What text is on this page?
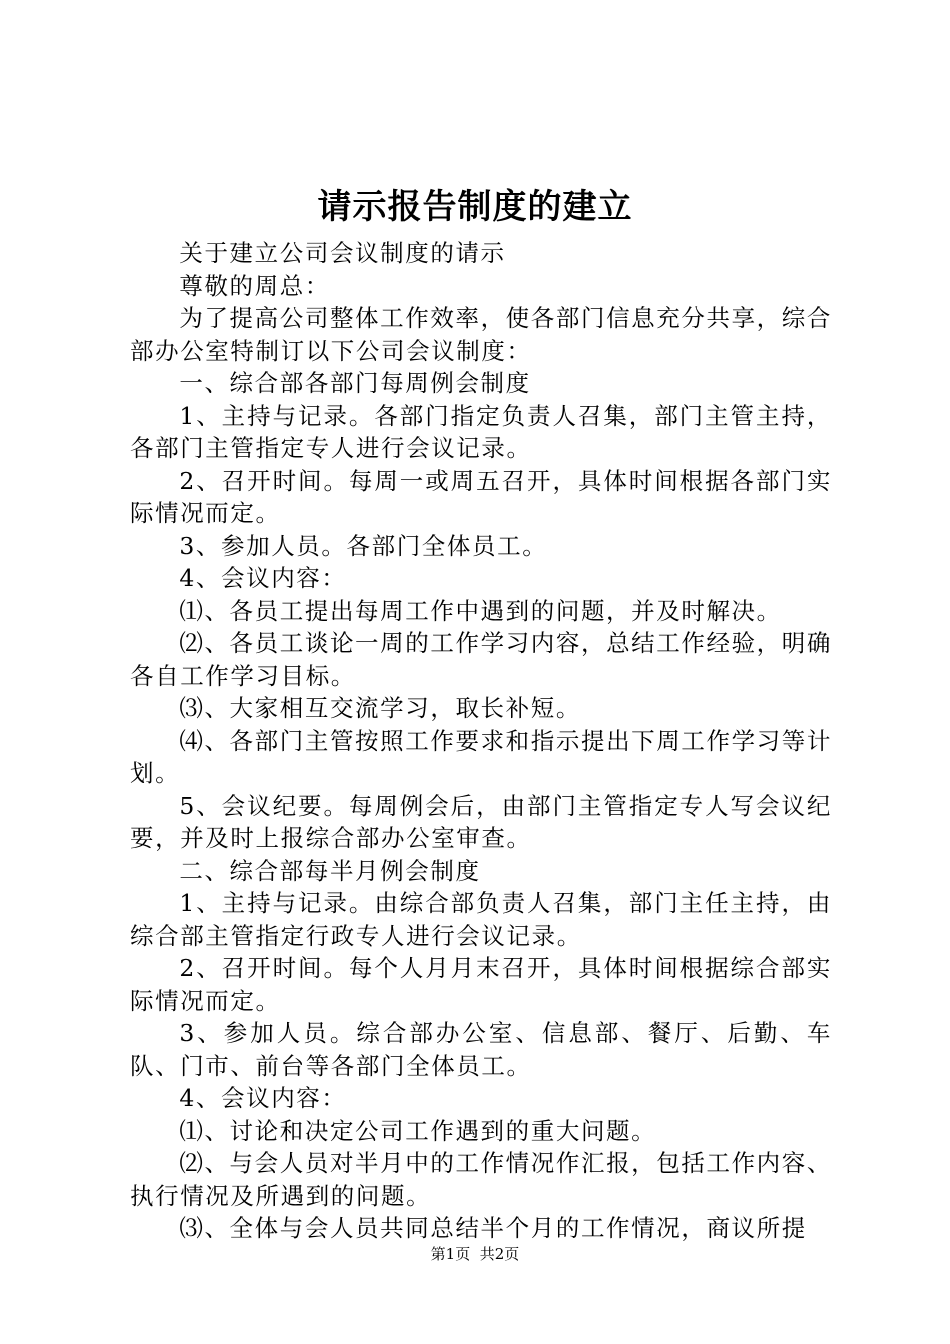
请示报告制度的建立

关于建立公司会议制度的请示

尊敬的周总：

为了提高公司整体工作效率，使各部门信息充分共享，综合部办公室特制订以下公司会议制度：

一、综合部各部门每周例会制度

1、主持与记录。各部门指定负责人召集，部门主管主持，各部门主管指定专人进行会议记录。

2、召开时间。每周一或周五召开，具体时间根据各部门实际情况而定。

3、参加人员。各部门全体员工。

4、会议内容：

⑴、各员工提出每周工作中遇到的问题，并及时解决。

⑵、各员工谈论一周的工作学习内容，总结工作经验，明确各自工作学习目标。

⑶、大家相互交流学习，取长补短。

⑷、各部门主管按照工作要求和指示提出下周工作学习等计划。

5、会议纪要。每周例会后，由部门主管指定专人写会议纪要，并及时上报综合部办公室审查。

二、综合部每半月例会制度

1、主持与记录。由综合部负责人召集，部门主任主持，由综合部主管指定行政专人进行会议记录。

2、召开时间。每个人月月末召开，具体时间根据综合部实际情况而定。

3、参加人员。综合部办公室、信息部、餐厅、后勤、车队、门市、前台等各部门全体员工。

4、会议内容：

⑴、讨论和决定公司工作遇到的重大问题。

⑵、与会人员对半月中的工作情况作汇报，包括工作内容、执行情况及所遇到的问题。

⑶、全体与会人员共同总结半个月的工作情况，商议所提

第1页 共2页
